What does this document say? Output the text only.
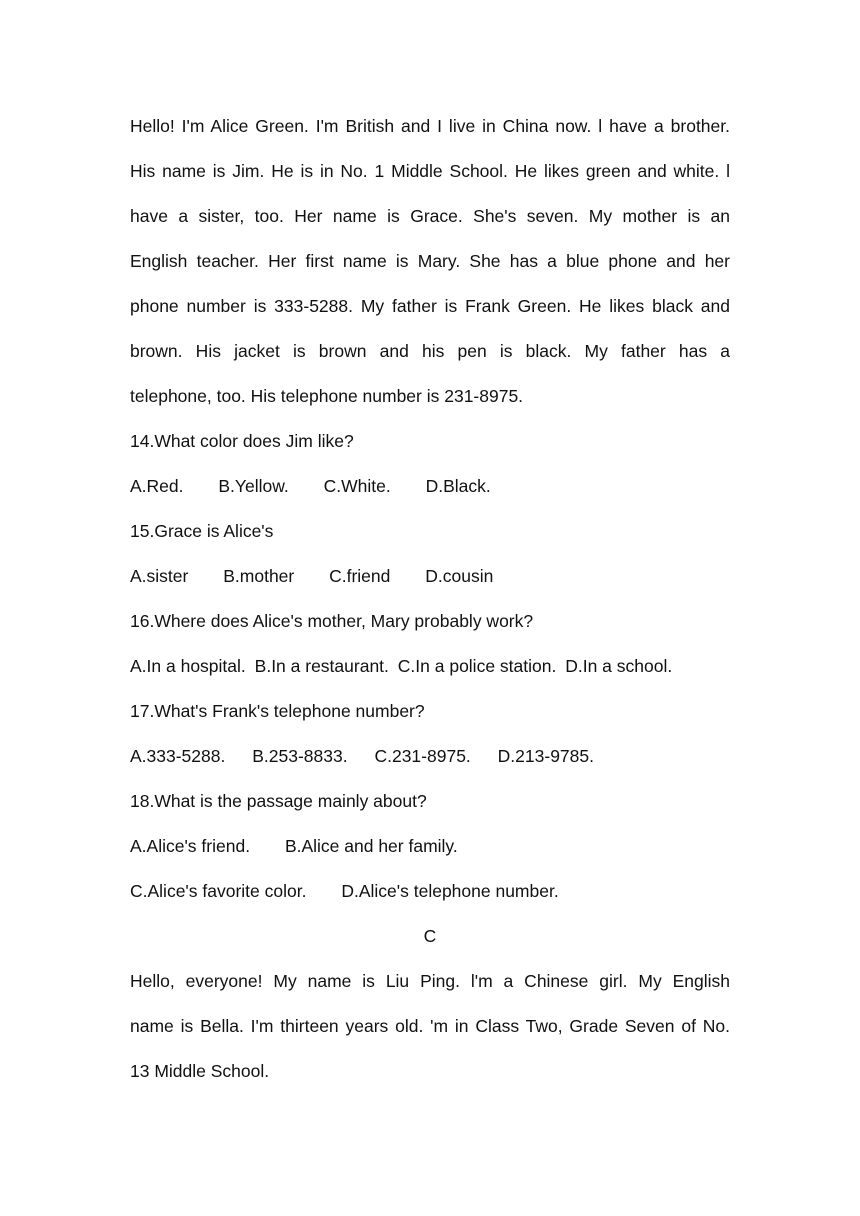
Hello! I'm Alice Green. I'm British and I live in China now. l have a brother.
His name is Jim. He is in No. 1 Middle School. He likes green and white. l
have a sister, too. Her name is Grace. She's seven. My mother is an
English teacher. Her first name is Mary. She has a blue phone and her
phone number is 333-5288. My father is Frank Green. He likes black and
brown. His jacket is brown and his pen is black. My father has a
telephone, too. His telephone number is 231-8975.
14.What color does Jim like?
A.Red. B.Yellow. C.White. D.Black.
15.Grace is Alice's
A.sister B.mother C.friend D.cousin
16.Where does Alice's mother, Mary probably work?
A.In a hospital. B.In a restaurant. C.In a police station. D.In a school.
17.What's Frank's telephone number?
A.333-5288. B.253-8833. C.231-8975. D.213-9785.
18.What is the passage mainly about?
A.Alice's friend. B.Alice and her family.
C.Alice's favorite color. D.Alice's telephone number.
C
Hello, everyone! My name is Liu Ping. l'm a Chinese girl. My English
name is Bella. I'm thirteen years old. 'm in Class Two, Grade Seven of No.
13 Middle School.
